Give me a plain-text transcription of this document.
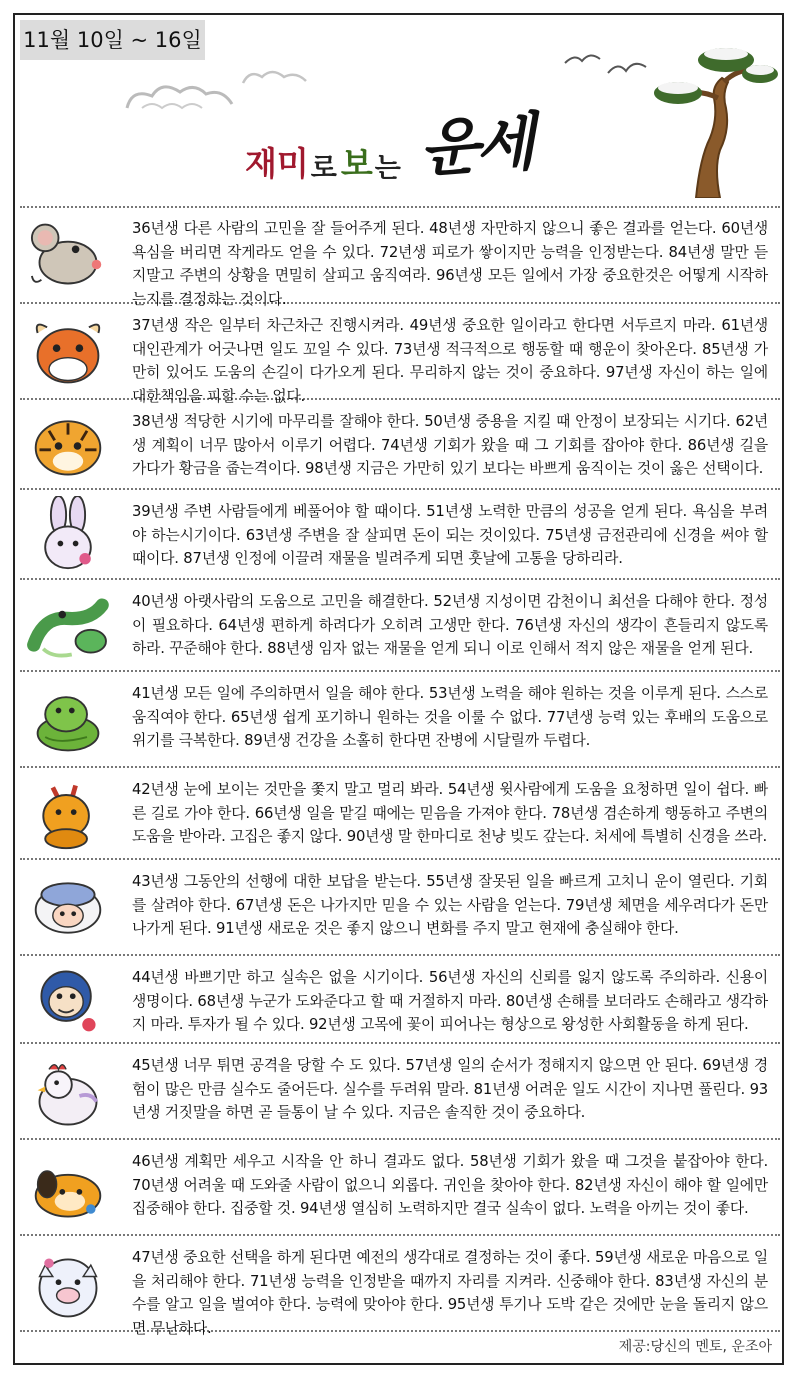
11월 10일 ~ 16일
재미 로 보 는 운세
36년생 다른 사람의 고민을 잘 들어주게 된다. 48년생 자만하지 않으니 좋은 결과를 얻는다. 60년생 욕심을 버리면 작게라도 얻을 수 있다. 72년생 피로가 쌓이지만 능력을 인정받는다. 84년생 말만 듣지말고 주변의 상황을 면밀히 살피고 움직여라. 96년생 모든 일에서 가장 중요한것은 어떻게 시작하는지를 결정하는 것이다.
37년생 작은 일부터 차근차근 진행시켜라. 49년생 중요한 일이라고 한다면 서두르지 마라. 61년생 대인관계가 어긋나면 일도 꼬일 수 있다. 73년생 적극적으로 행동할 때 행운이 찾아온다. 85년생 가만히 있어도 도움의 손길이 다가오게 된다. 무리하지 않는 것이 중요하다. 97년생 자신이 하는 일에 대한책임을 피할 수는 없다.
38년생 적당한 시기에 마무리를 잘해야 한다. 50년생 중용을 지킬 때 안정이 보장되는 시기다. 62년생 계획이 너무 많아서 이루기 어렵다. 74년생 기회가 왔을 때 그 기회를 잡아야 한다. 86년생 길을 가다가 황금을 줍는격이다. 98년생 지금은 가만히 있기 보다는 바쁘게 움직이는 것이 옳은 선택이다.
39년생 주변 사람들에게 베풀어야 할 때이다. 51년생 노력한 만큼의 성공을 얻게 된다. 욕심을 부려야 하는시기이다. 63년생 주변을 잘 살피면 돈이 되는 것이있다. 75년생 금전관리에 신경을 써야 할 때이다. 87년생 인정에 이끌려 재물을 빌려주게 되면 훗날에 고통을 당하리라.
40년생 아랫사람의 도움으로 고민을 해결한다. 52년생 지성이면 감천이니 최선을 다해야 한다. 정성이 필요하다. 64년생 편하게 하려다가 오히려 고생만 한다. 76년생 자신의 생각이 흔들리지 않도록 하라. 꾸준해야 한다. 88년생 임자 없는 재물을 얻게 되니 이로 인해서 적지 않은 재물을 얻게 된다.
41년생 모든 일에 주의하면서 일을 해야 한다. 53년생 노력을 해야 원하는 것을 이루게 된다. 스스로 움직여야 한다. 65년생 쉽게 포기하니 원하는 것을 이룰 수 없다. 77년생 능력 있는 후배의 도움으로위기를 극복한다. 89년생 건강을 소홀히 한다면 잔병에 시달릴까 두렵다.
42년생 눈에 보이는 것만을 쫓지 말고 멀리 봐라. 54년생 윗사람에게 도움을 요청하면 일이 쉽다. 빠른 길로 가야 한다. 66년생 일을 맡길 때에는 믿음을 가져야 한다. 78년생 겸손하게 행동하고 주변의 도움을 받아라. 고집은 좋지 않다. 90년생 말 한마디로 천냥 빚도 갚는다. 처세에 특별히 신경을 쓰라.
43년생 그동안의 선행에 대한 보답을 받는다. 55년생 잘못된 일을 빠르게 고치니 운이 열린다. 기회를 살려야 한다. 67년생 돈은 나가지만 믿을 수 있는 사람을 얻는다. 79년생 체면을 세우려다가 돈만 나가게 된다. 91년생 새로운 것은 좋지 않으니 변화를 주지 말고 현재에 충실해야 한다.
44년생 바쁘기만 하고 실속은 없을 시기이다. 56년생 자신의 신뢰를 잃지 않도록 주의하라. 신용이 생명이다. 68년생 누군가 도와준다고 할 때 거절하지 마라. 80년생 손해를 보더라도 손해라고 생각하지 마라. 투자가 될 수 있다. 92년생 고목에 꽃이 피어나는 형상으로 왕성한 사회활동을 하게 된다.
45년생 너무 튀면 공격을 당할 수 도 있다. 57년생 일의 순서가 정해지지 않으면 안 된다. 69년생 경험이 많은 만큼 실수도 줄어든다. 실수를 두려워 말라. 81년생 어려운 일도 시간이 지나면 풀린다. 93년생 거짓말을 하면 곧 들통이 날 수 있다. 지금은 솔직한 것이 중요하다.
46년생 계획만 세우고 시작을 안 하니 결과도 없다. 58년생 기회가 왔을 때 그것을 붙잡아야 한다. 70년생 어려울 때 도와줄 사람이 없으니 외롭다. 귀인을 찾아야 한다. 82년생 자신이 해야 할 일에만 집중해야 한다. 집중할 것. 94년생 열심히 노력하지만 결국 실속이 없다. 노력을 아끼는 것이 좋다.
47년생 중요한 선택을 하게 된다면 예전의 생각대로 결정하는 것이 좋다. 59년생 새로운 마음으로 일을 처리해야 한다. 71년생 능력을 인정받을 때까지 자리를 지켜라. 신중해야 한다. 83년생 자신의 분수를 알고 일을 벌여야 한다. 능력에 맞아야 한다. 95년생 투기나 도박 같은 것에만 눈을 돌리지 않으면 무난하다.
제공:당신의 멘토, 운조아
